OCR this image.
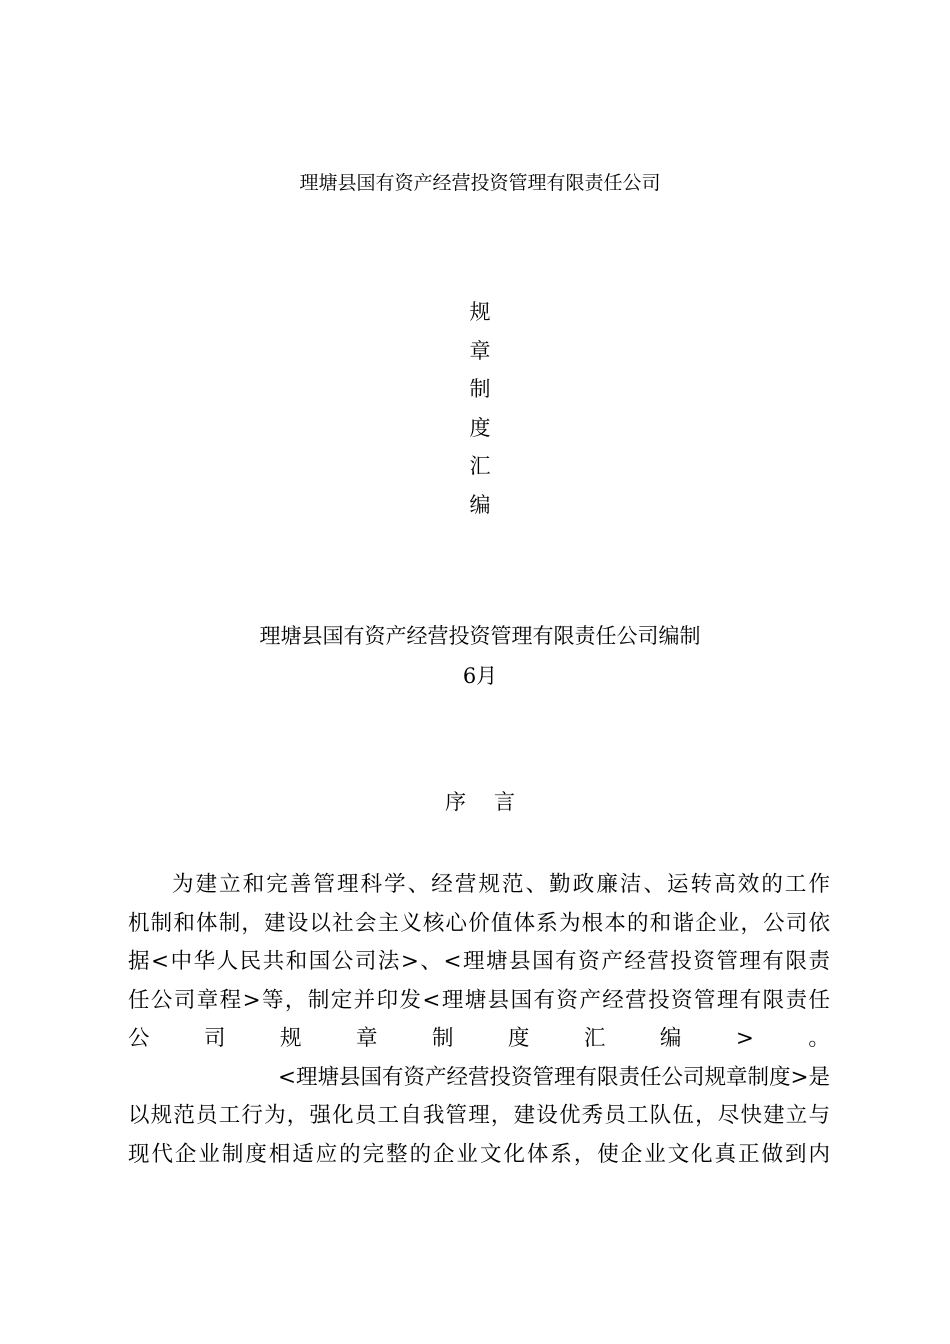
理塘县国有资产经营投资管理有限责任公司
规
章
制
度
汇
编
理塘县国有资产经营投资管理有限责任公司编制
6月
序 言
为建立和完善管理科学、经营规范、勤政廉洁、运转高效的工作
机制和体制，建设以社会主义核心价值体系为根本的和谐企业，公司依
据<中华人民共和国公司法>、<理塘县国有资产经营投资管理有限责
任公司章程>等，制定并印发<理塘县国有资产经营投资管理有限责任
公	司	规	章	制	度	汇	编	>	。
<理塘县国有资产经营投资管理有限责任公司规章制度>是
以规范员工行为，强化员工自我管理，建设优秀员工队伍，尽快建立与
现代企业制度相适应的完整的企业文化体系，使企业文化真正做到内
